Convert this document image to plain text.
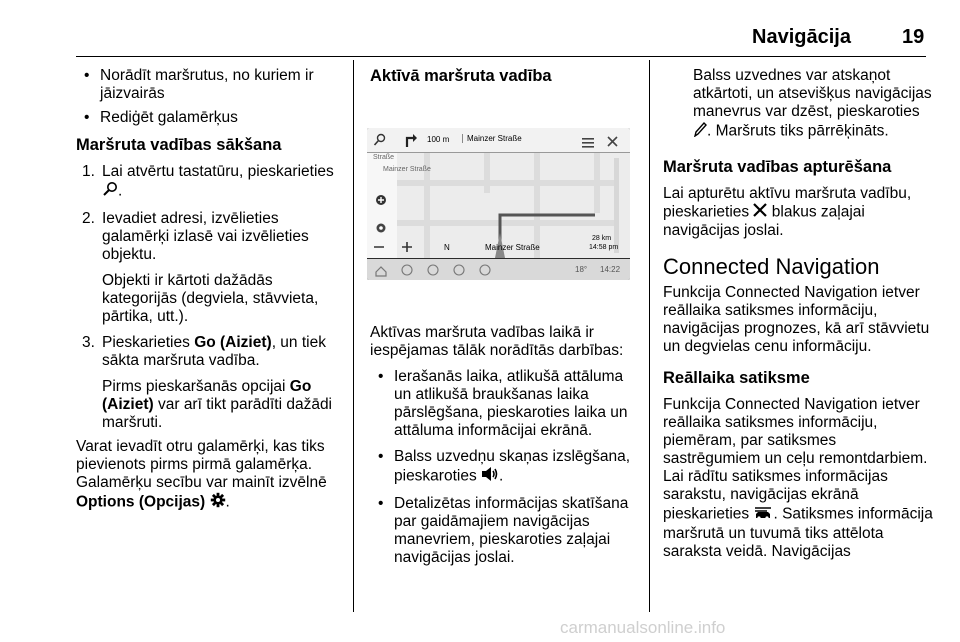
Navigācija	19

• Norādīt maršrutus, no kuriem ir jāizvairās

• Rediģēt galamērķus

Maršruta vadības sākšana

1. Lai atvērtu tastatūru, pieskarieties
.

2. Ievadiet adresi, izvēlieties galamērķi izlasē vai izvēlieties objektu.

Objekti ir kārtoti dažādās kategorijās (degviela, stāvvieta, pārtika, utt.).

3. Pieskarieties Go (Aiziet), un tiek sākta maršruta vadība.

Pirms pieskaršanās opcijai Go (Aiziet) var arī tikt parādīti dažādi maršruti.

Varat ievadīt otru galamērķi, kas tiks pievienots pirms pirmā galamērķa. Galamērķu secību var mainīt izvēlnē
Options (Opcijas) .

Aktīvā maršruta vadība

100 m	Mainzer Straße
Straße
Mainzer Straße
N	Mainzer Straße
28 km
14:58 pm
18° 14:22

Aktīvas maršruta vadības laikā ir iespējamas tālāk norādītās darbības:

• Ierašanās laika, atlikušā attāluma un atlikušā braukšanas laika pārslēgšana, pieskaroties laika un attāluma informācijai ekrānā.

• Balss uzvedņu skaņas izslēgšana, pieskaroties .

• Detalizētas informācijas skatīšana par gaidāmajiem navigācijas manevriem, pieskaroties zaļajai navigācijas joslai.

Balss uzvednes var atskaņot atkārtoti, un atsevišķus navigācijas manevrus var dzēst, pieskaroties . Maršruts tiks pārrēķināts.

Maršruta vadības apturēšana

Lai apturētu aktīvu maršruta vadību, pieskarieties  blakus zaļajai navigācijas joslai.

Connected Navigation

Funkcija Connected Navigation ietver reāllaika satiksmes informāciju, navigācijas prognozes, kā arī stāvvietu un degvielas cenu informāciju.

Reāllaika satiksme

Funkcija Connected Navigation ietver reāllaika satiksmes informāciju, piemēram, par satiksmes sastrēgumiem un ceļu remontdarbiem. Lai rādītu satiksmes informācijas sarakstu, navigācijas ekrānā pieskarieties . Satiksmes informācija maršrutā un tuvumā tiks attēlota saraksta veidā. Navigācijas

carmanualsonline.info
